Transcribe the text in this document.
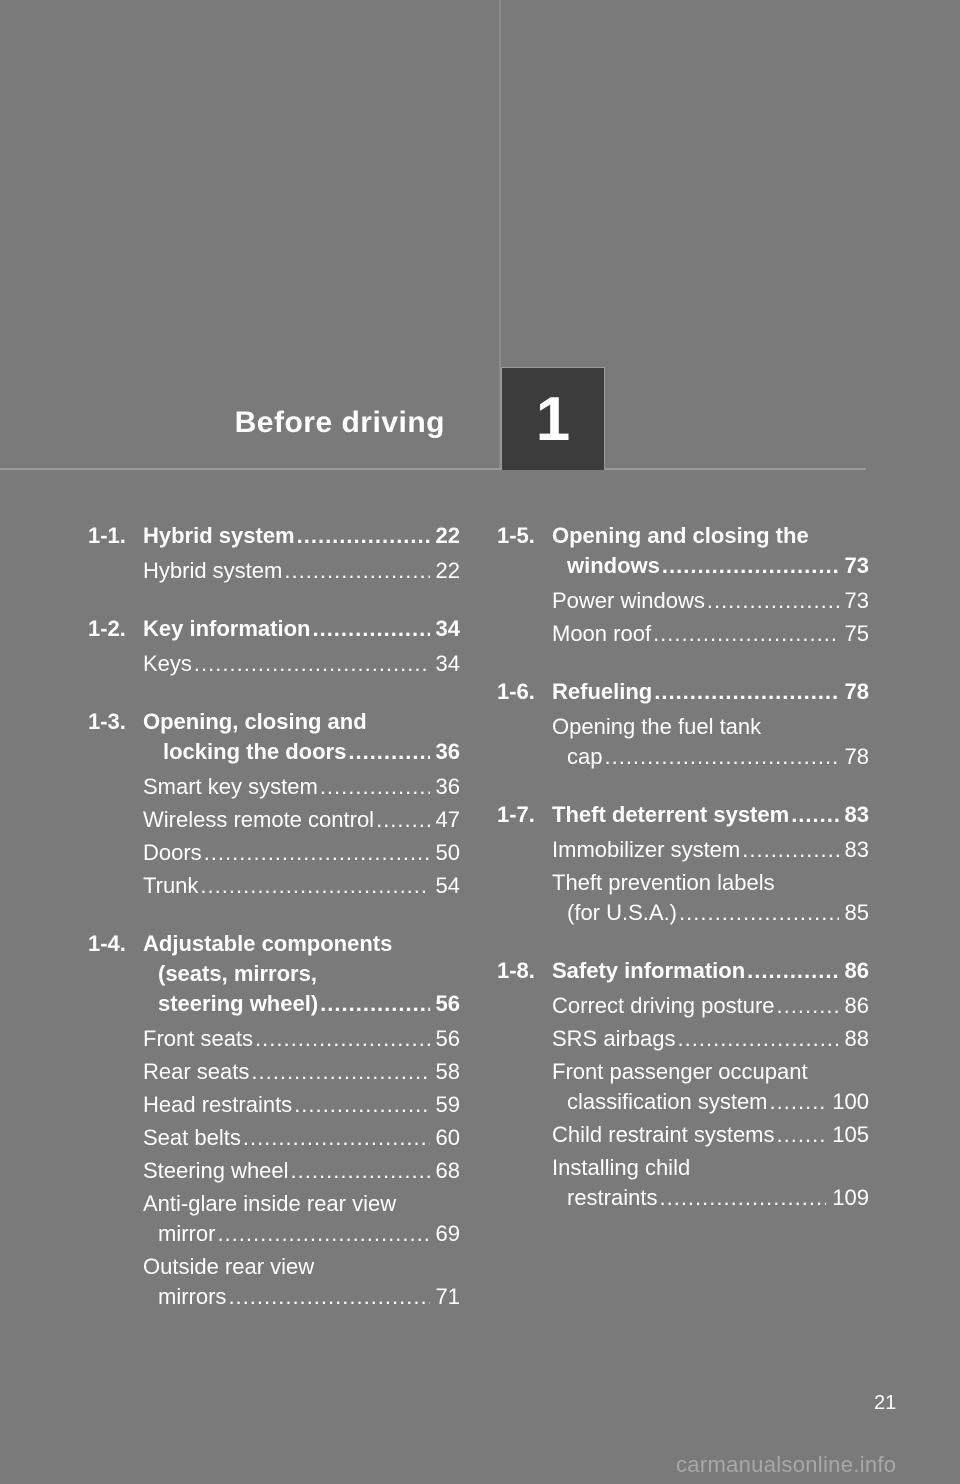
Before driving 1
1-1. Hybrid system .....	22
Hybrid system .....	22
1-2. Key information .....	34
Keys .....	34
1-3. Opening, closing and
locking the doors .....	36
Smart key system .....	36
Wireless remote control .....	47
Doors .....	50
Trunk .....	54
1-4. Adjustable components
(seats, mirrors,
steering wheel) .....	56
Front seats .....	56
Rear seats .....	58
Head restraints .....	59
Seat belts .....	60
Steering wheel .....	68
Anti-glare inside rear view
mirror .....	69
Outside rear view
mirrors .....	71
1-5. Opening and closing the
windows .....	73
Power windows .....	73
Moon roof .....	75
1-6. Refueling .....	78
Opening the fuel tank
cap .....	78
1-7. Theft deterrent system .....	83
Immobilizer system .....	83
Theft prevention labels
(for U.S.A.) .....	85
1-8. Safety information .....	86
Correct driving posture .....	86
SRS airbags .....	88
Front passenger occupant
classification system .....	100
Child restraint systems .....	105
Installing child
restraints .....	109
21
carmanualsonline.info
